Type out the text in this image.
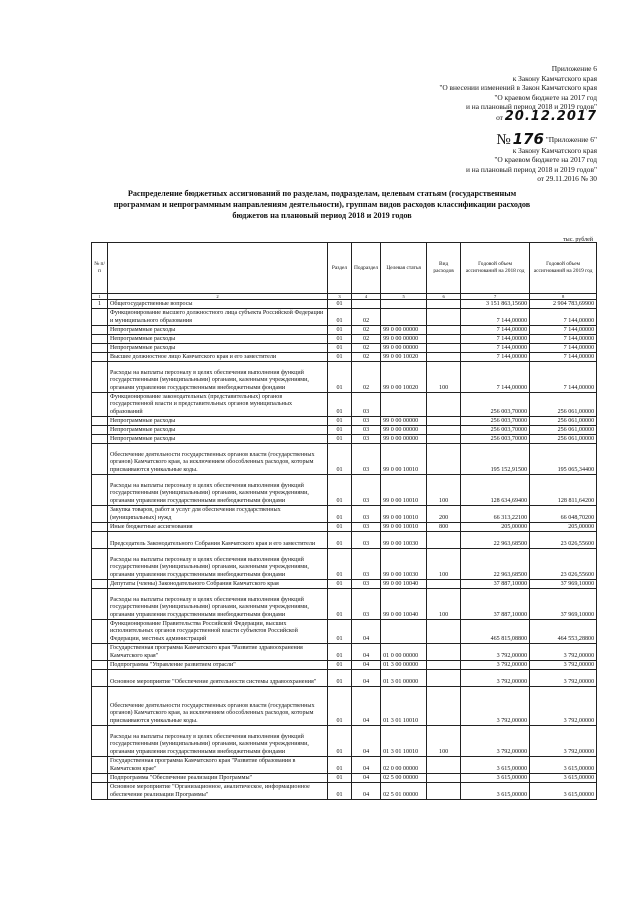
Приложение 6
к Закону Камчатского края
"О внесении изменений в Закон Камчатского края
"О краевом бюджете на 2017 год
и на плановый период 2018 и 2019 годов"
от 20.12.2017
№ 176 "Приложение 6"
к Закону Камчатского края
"О краевом бюджете на 2017 год
и на плановый период 2018 и 2019 годов"
от 29.11.2016 № 30
Распределение бюджетных ассигнований по разделам, подразделам, целевым статьям (государственным программам и непрограммным направлениям деятельности), группам видов расходов классификации расходов бюджетов на плановый период 2018 и 2019 годов
тыс. рублей
№ п/п		Раздел	Подраздел	Целевая статья	Вид расходов	Годовой объем ассигнований на 2018 год	Годовой объем ассигнований на 2019 год
1	2	3	4	5	6	7	8
1	Общегосударственные вопросы	01				3 151 863,15600	2 904 783,69900
	Функционирование высшего должностного лица субъекта Российской Федерации и муниципального образования	01	02			7 144,00000	7 144,00000
	Непрограммные расходы	01	02	99 0 00 00000		7 144,00000	7 144,00000
	Непрограммные расходы	01	02	99 0 00 00000		7 144,00000	7 144,00000
	Непрограммные расходы	01	02	99 0 00 00000		7 144,00000	7 144,00000
	Высшее должностное лицо Камчатского края и его заместители	01	02	99 0 00 10020		7 144,00000	7 144,00000
	Расходы на выплаты персоналу в целях обеспечения выполнения функций государственными (муниципальными) органами, казенными учреждениями, органами управления государственными внебюджетными фондами	01	02	99 0 00 10020	100	7 144,00000	7 144,00000
	Функционирование законодательных (представительных) органов государственной власти и представительных органов муниципальных образований	01	03			256 003,70000	256 061,00000
	Непрограммные расходы	01	03	99 0 00 00000		256 003,70000	256 061,00000
	Непрограммные расходы	01	03	99 0 00 00000		256 003,70000	256 061,00000
	Непрограммные расходы	01	03	99 0 00 00000		256 003,70000	256 061,00000
	Обеспечение деятельности государственных органов власти (государственных органов) Камчатского края, за исключением обособленных расходов, которым присваиваются уникальные коды.	01	03	99 0 00 10010		195 152,91500	195 065,34400
	Расходы на выплаты персоналу в целях обеспечения выполнения функций государственными (муниципальными) органами, казенными учреждениями, органами управления государственными внебюджетными фондами	01	03	99 0 00 10010	100	128 634,69400	128 811,64200
	Закупка товаров, работ и услуг для обеспечения государственных (муниципальных) нужд	01	03	99 0 00 10010	200	66 313,22100	66 048,70200
	Иные бюджетные ассигнования	01	03	99 0 00 10010	800	205,00000	205,00000
	Председатель Законодательного Собрания Камчатского края и его заместители	01	03	99 0 00 10030		22 963,68500	23 026,55600
	Расходы на выплаты персоналу в целях обеспечения выполнения функций государственными (муниципальными) органами, казенными учреждениями, органами управления государственными внебюджетными фондами	01	03	99 0 00 10030	100	22 963,68500	23 026,55600
	Депутаты (члены) Законодательного Собрания Камчатского края	01	03	99 0 00 10040		37 887,10000	37 969,10000
	Расходы на выплаты персоналу в целях обеспечения выполнения функций государственными (муниципальными) органами, казенными учреждениями, органами управления государственными внебюджетными фондами	01	03	99 0 00 10040	100	37 887,10000	37 969,10000
	Функционирование Правительства Российской Федерации, высших исполнительных органов государственной власти субъектов Российской Федерации, местных администраций	01	04			465 815,08800	464 553,28800
	Государственная программа Камчатского края "Развитие здравоохранения Камчатского края"	01	04	01 0 00 00000		3 792,00000	3 792,00000
	Подпрограмма "Управление развитием отрасли"	01	04	01 3 00 00000		3 792,00000	3 792,00000
	Основное мероприятие "Обеспечение деятельности системы здравоохранения"	01	04	01 3 01 00000		3 792,00000	3 792,00000
	Обеспечение деятельности государственных органов власти (государственных органов) Камчатского края, за исключением обособленных расходов, которым присваиваются уникальные коды.	01	04	01 3 01 10010		3 792,00000	3 792,00000
	Расходы на выплаты персоналу в целях обеспечения выполнения функций государственными (муниципальными) органами, казенными учреждениями, органами управления государственными внебюджетными фондами	01	04	01 3 01 10010	100	3 792,00000	3 792,00000
	Государственная программа Камчатского края "Развитие образования в Камчатском крае"	01	04	02 0 00 00000		3 615,00000	3 615,00000
	Подпрограмма "Обеспечение реализации Программы"	01	04	02 5 00 00000		3 615,00000	3 615,00000
	Основное мероприятие "Организационное, аналитическое, информационное обеспечение реализации Программы"	01	04	02 5 01 00000		3 615,00000	3 615,00000
